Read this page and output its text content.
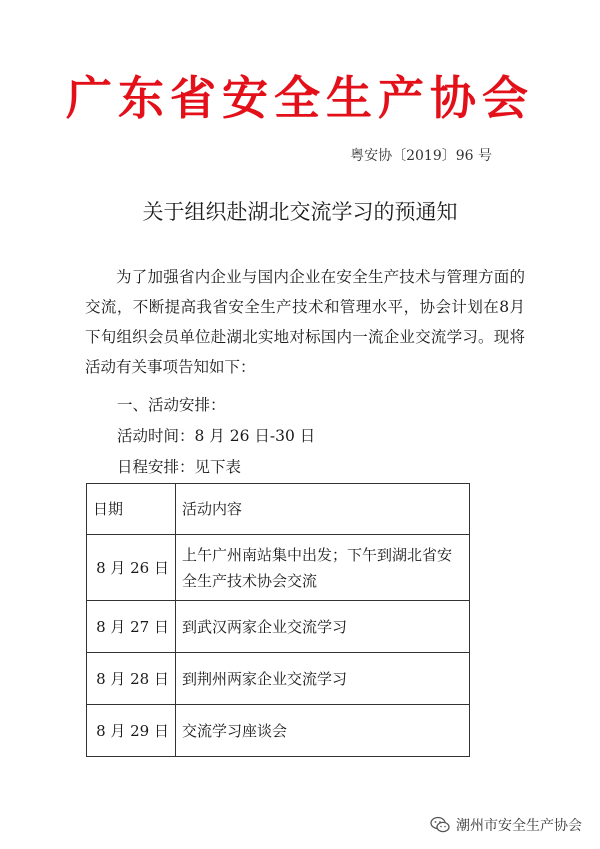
广东省安全生产协会
粤安协〔2019〕96 号
关于组织赴湖北交流学习的预通知

为了加强省内企业与国内企业在安全生产技术与管理方面的交流，不断提高我省安全生产技术和管理水平，协会计划在8月下旬组织会员单位赴湖北实地对标国内一流企业交流学习。现将活动有关事项告知如下：

一、活动安排：

活动时间：8 月 26 日-30 日

日程安排：见下表

日期	活动内容
8 月 26 日	上午广州南站集中出发；下午到湖北省安全生产技术协会交流
8 月 27 日	到武汉两家企业交流学习
8 月 28 日	到荆州两家企业交流学习
8 月 29 日	交流学习座谈会
潮州市安全生产协会
